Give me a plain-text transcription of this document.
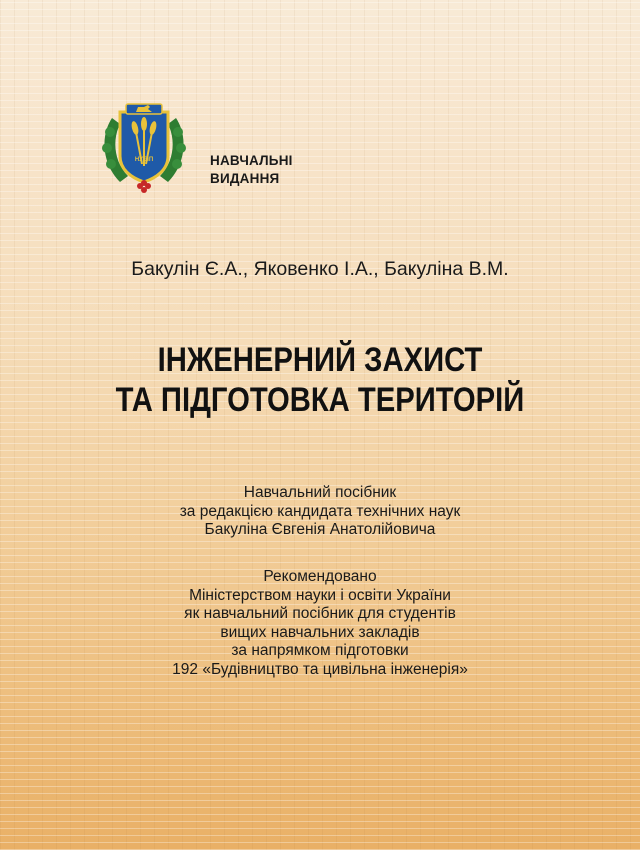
НУБіП	НАВЧАЛЬНІ
ВИДАННЯ
Бакулін Є.А., Яковенко І.А., Бакуліна В.М.
ІНЖЕНЕРНИЙ ЗАХИСТ
ТА ПІДГОТОВКА ТЕРИТОРІЙ
Навчальний посібник
за редакцією кандидата технічних наук
Бакуліна Євгенія Анатолійовича
Рекомендовано
Міністерством науки і освіти України
як навчальний посібник для студентів
вищих навчальних закладів
за напрямком підготовки
192 «Будівництво та цивільна інженерія»
